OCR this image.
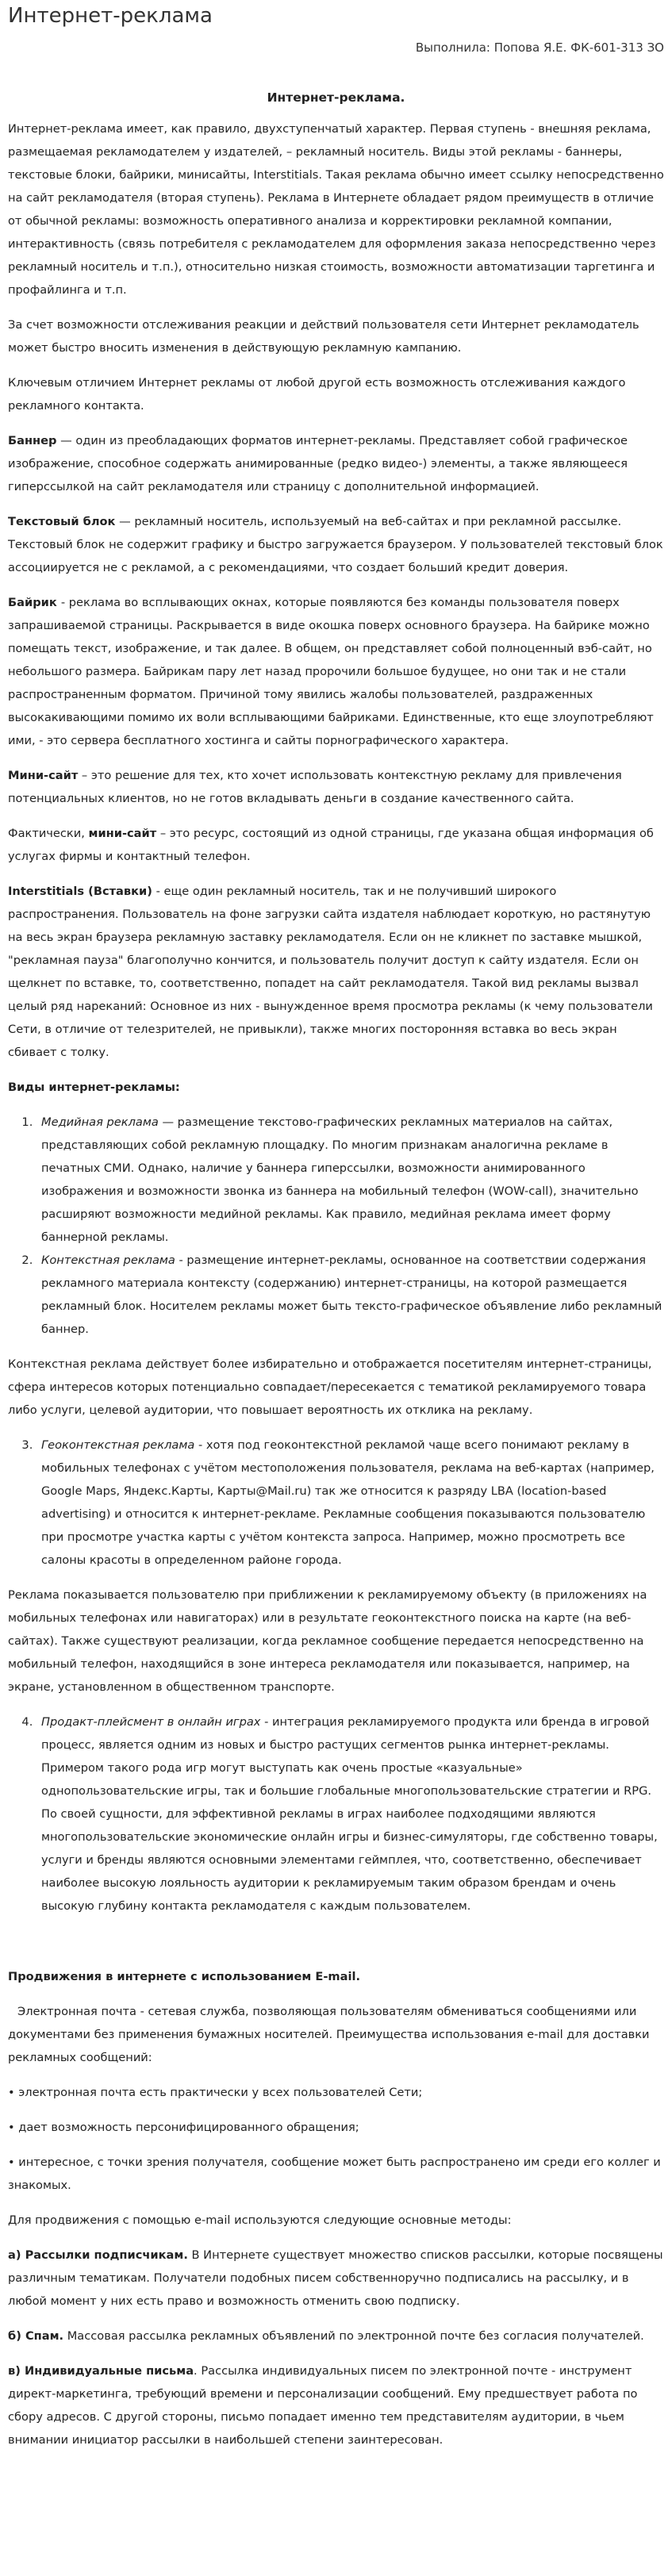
Интернет-реклама
Выполнила: Попова Я.Е. ФК-601-313 ЗО
Интернет-реклама.

Интернет-реклама имеет, как правило, двухступенчатый характер. Первая ступень - внешняя реклама, размещаемая рекламодателем у издателей, – рекламный носитель. Виды этой рекламы - баннеры, текстовые блоки, байрики, минисайты, Interstitials. Такая реклама обычно имеет ссылку непосредственно на сайт рекламодателя (вторая ступень). Реклама в Интернете обладает рядом преимуществ в отличие от обычной рекламы: возможность оперативного анализа и корректировки рекламной компании, интерактивность (связь потребителя с рекламодателем для оформления заказа непосредственно через рекламный носитель и т.п.), относительно низкая стоимость, возможности автоматизации таргетинга и профайлинга и т.п.

За счет возможности отслеживания реакции и действий пользователя сети Интернет рекламодатель может быстро вносить изменения в действующую рекламную кампанию.

Ключевым отличием Интернет рекламы от любой другой есть возможность отслеживания каждого рекламного контакта.

Баннер — один из преобладающих форматов интернет-рекламы. Представляет собой графическое изображение, способное содержать анимированные (редко видео-) элементы, а также являющееся гиперссылкой на сайт рекламодателя или страницу с дополнительной информацией.

Текстовый блок — рекламный носитель, используемый на веб-сайтах и при рекламной рассылке. Текстовый блок не содержит графику и быстро загружается браузером. У пользователей текстовый блок ассоциируется не с рекламой, а с рекомендациями, что создает больший кредит доверия.

Байрик - реклама во всплывающих окнах, которые появляются без команды пользователя поверх запрашиваемой страницы. Раскрывается в виде окошка поверх основного браузера. На байрике можно помещать текст, изображение, и так далее. В общем, он представляет собой полноценный вэб-сайт, но небольшого размера. Байрикам пару лет назад пророчили большое будущее, но они так и не стали распространенным форматом. Причиной тому явились жалобы пользователей, раздраженных высокакивающими помимо их воли всплывающими байриками. Единственные, кто еще злоупотребляют ими, - это сервера бесплатного хостинга и сайты порнографического характера.

Мини-сайт – это решение для тех, кто хочет использовать контекстную рекламу для привлечения потенциальных клиентов, но не готов вкладывать деньги в создание качественного сайта.

Фактически, мини-сайт – это ресурс, состоящий из одной страницы, где указана общая информация об услугах фирмы и контактный телефон.

Interstitials (Вставки) - еще один рекламный носитель, так и не получивший широкого распространения. Пользователь на фоне загрузки сайта издателя наблюдает короткую, но растянутую на весь экран браузера рекламную заставку рекламодателя. Если он не кликнет по заставке мышкой, "рекламная пауза" благополучно кончится, и пользователь получит доступ к сайту издателя. Если он щелкнет по вставке, то, соответственно, попадет на сайт рекламодателя. Такой вид рекламы вызвал целый ряд нареканий: Основное из них - вынужденное время просмотра рекламы (к чему пользователи Сети, в отличие от телезрителей, не привыкли), также многих посторонняя вставка во весь экран сбивает с толку.

Виды интернет-рекламы:

1. Медийная реклама — размещение текстово-графических рекламных материалов на сайтах, представляющих собой рекламную площадку. По многим признакам аналогична рекламе в печатных СМИ. Однако, наличие у баннера гиперссылки, возможности анимированного изображения и возможности звонка из баннера на мобильный телефон (WOW-call), значительно расширяют возможности медийной рекламы. Как правило, медийная реклама имеет форму баннерной рекламы.
2. Контекстная реклама - размещение интернет-рекламы, основанное на соответствии содержания рекламного материала контексту (содержанию) интернет-страницы, на которой размещается рекламный блок. Носителем рекламы может быть тексто-графическое объявление либо рекламный баннер.

Контекстная реклама действует более избирательно и отображается посетителям интернет-страницы, сфера интересов которых потенциально совпадает/пересекается с тематикой рекламируемого товара либо услуги, целевой аудитории, что повышает вероятность их отклика на рекламу.

3. Геоконтекстная реклама - хотя под геоконтекстной рекламой чаще всего понимают рекламу в мобильных телефонах с учётом местоположения пользователя, реклама на веб-картах (например, Google Maps, Яндекс.Карты, Карты@Mail.ru) так же относится к разряду LBA (location-based advertising) и относится к интернет-рекламе. Рекламные сообщения показываются пользователю при просмотре участка карты с учётом контекста запроса. Например, можно просмотреть все салоны красоты в определенном районе города.

Реклама показывается пользователю при приближении к рекламируемому объекту (в приложениях на мобильных телефонах или навигаторах) или в результате геоконтекстного поиска на карте (на веб-сайтах). Также существуют реализации, когда рекламное сообщение передается непосредственно на мобильный телефон, находящийся в зоне интереса рекламодателя или показывается, например, на экране, установленном в общественном транспорте.

4. Продакт-плейсмент в онлайн играх - интеграция рекламируемого продукта или бренда в игровой процесс, является одним из новых и быстро растущих сегментов рынка интернет-рекламы. Примером такого рода игр могут выступать как очень простые «казуальные» однопользовательские игры, так и большие глобальные многопользовательские стратегии и RPG. По своей сущности, для эффективной рекламы в играх наиболее подходящими являются многопользовательские экономические онлайн игры и бизнес-симуляторы, где собственно товары, услуги и бренды являются основными элементами геймплея, что, соответственно, обеспечивает наиболее высокую лояльность аудитории к рекламируемым таким образом брендам и очень высокую глубину контакта рекламодателя с каждым пользователем.

Продвижения в интернете с использованием E-mail.

Электронная почта - сетевая служба, позволяющая пользователям обмениваться сообщениями или документами без применения бумажных носителей. Преимущества использования e-mail для доставки рекламных сообщений:

• электронная почта есть практически у всех пользователей Сети;

• дает возможность персонифицированного обращения;

• интересное, с точки зрения получателя, сообщение может быть распространено им среди его коллег и знакомых.

Для продвижения с помощью e-mail используются следующие основные методы:

а) Рассылки подписчикам. В Интернете существует множество списков рассылки, которые посвящены различным тематикам. Получатели подобных писем собственноручно подписались на рассылку, и в любой момент у них есть право и возможность отменить свою подписку.

б) Спам. Массовая рассылка рекламных объявлений по электронной почте без согласия получателей.

в) Индивидуальные письма. Рассылка индивидуальных писем по электронной почте - инструмент директ-маркетинга, требующий времени и персонализации сообщений. Ему предшествует работа по сбору адресов. С другой стороны, письмо попадает именно тем представителям аудитории, в чьем внимании инициатор рассылки в наибольшей степени заинтересован.
